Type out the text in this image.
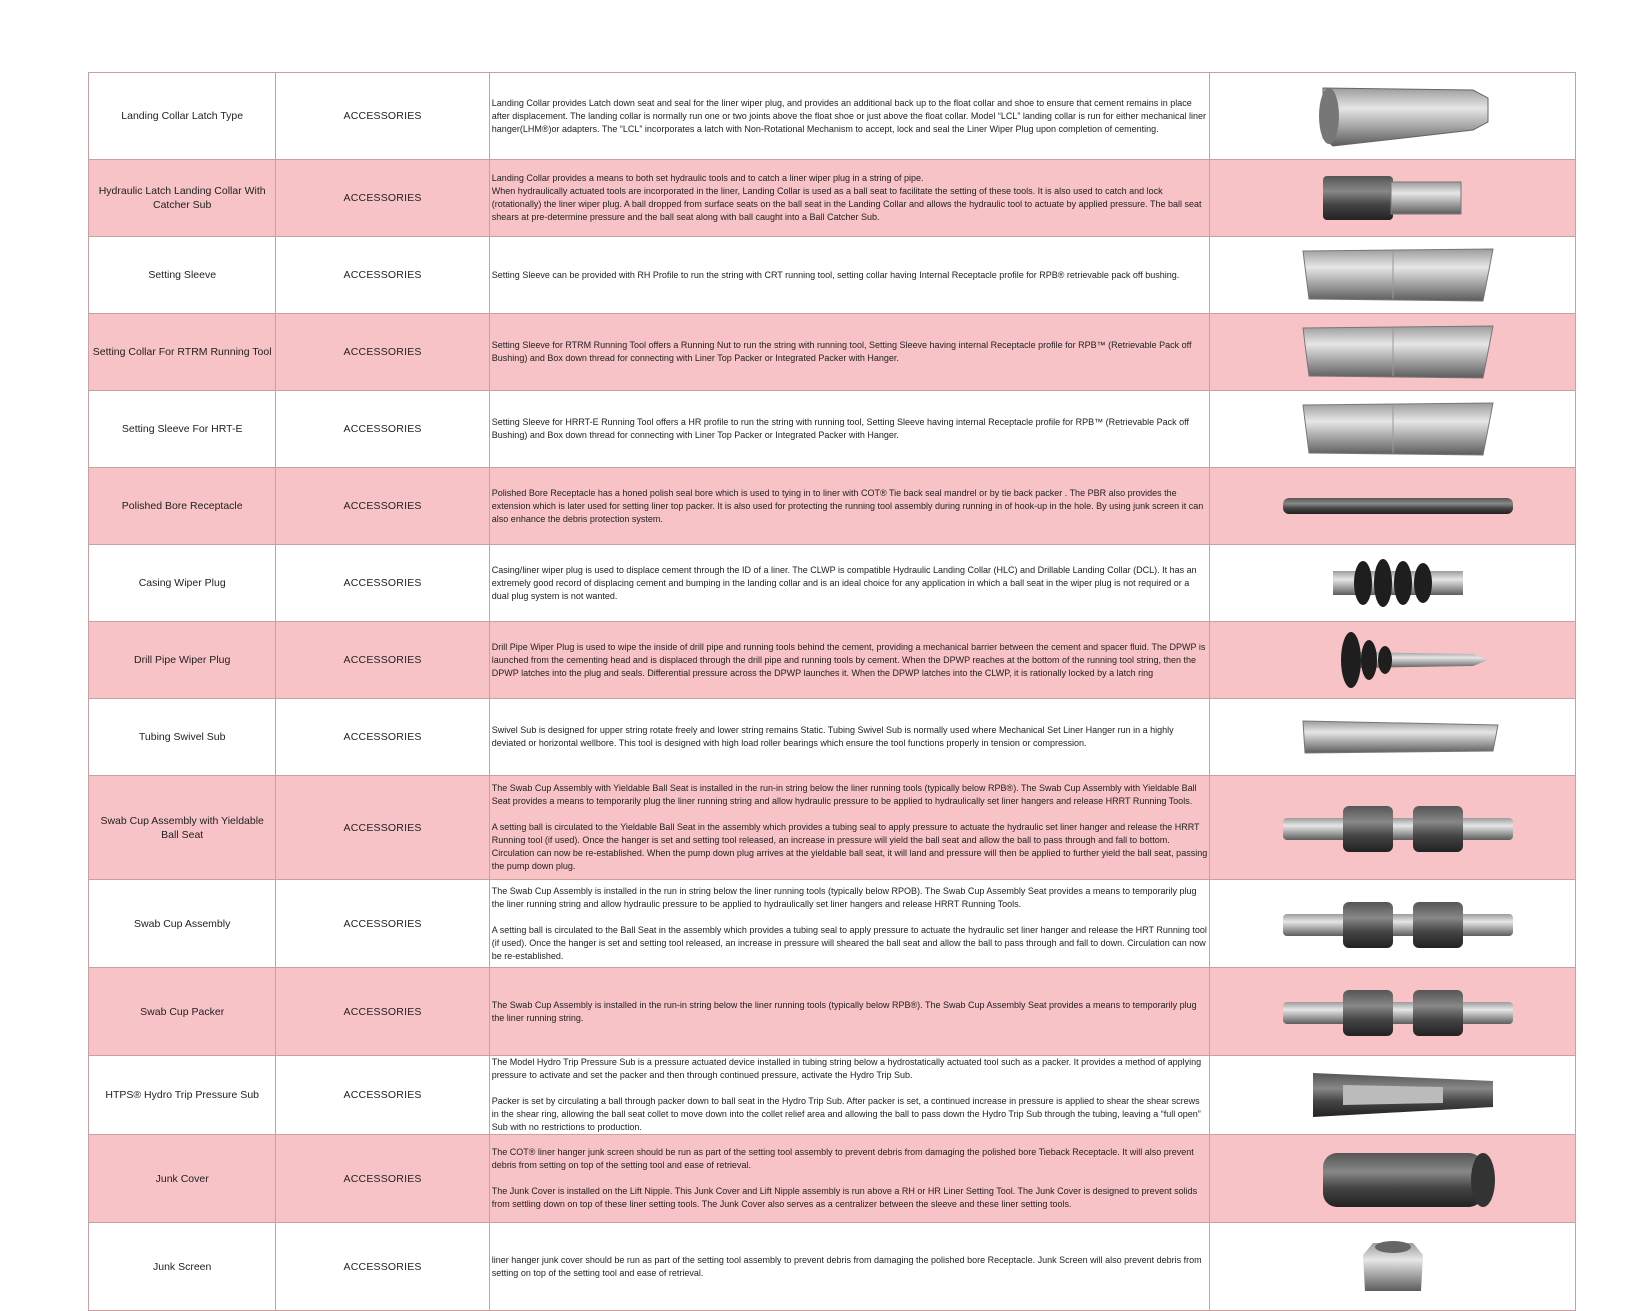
Landing Collar Latch Type	ACCESSORIES	Landing Collar provides Latch down seat and seal for the liner wiper plug, and provides an additional back up to the float collar and shoe to ensure that cement remains in place after displacement. The landing collar is normally run one or two joints above the float shoe or just above the float collar. Model “LCL” landing collar is run for either mechanical liner hanger(LHM®)or adapters. The “LCL” incorporates a latch with Non-Rotational Mechanism to accept, lock and seal the Liner Wiper Plug upon completion of cementing.

Hydraulic Latch Landing Collar With Catcher Sub	ACCESSORIES	Landing Collar provides a means to both set hydraulic tools and to catch a liner wiper plug in a string of pipe.
When hydraulically actuated tools are incorporated in the liner, Landing Collar is used as a ball seat to facilitate the setting of these tools. It is also used to catch and lock (rotationally) the liner wiper plug. A ball dropped from surface seats on the ball seat in the Landing Collar and allows the hydraulic tool to actuate by applied pressure. The ball seat shears at pre-determine pressure and the ball seat along with ball caught into a Ball Catcher Sub.

Setting Sleeve	ACCESSORIES	Setting Sleeve can be provided with RH Profile to run the string with CRT running tool, setting collar having Internal Receptacle profile for RPB® retrievable pack off bushing.

Setting Collar For RTRM Running Tool	ACCESSORIES	Setting Sleeve for RTRM Running Tool offers a Running Nut to run the string with running tool, Setting Sleeve having internal Receptacle profile for RPB™ (Retrievable Pack off Bushing) and Box down thread for connecting with Liner Top Packer or Integrated Packer with Hanger.

Setting Sleeve For HRT-E	ACCESSORIES	Setting Sleeve for HRRT-E Running Tool offers a HR profile to run the string with running tool, Setting Sleeve having internal Receptacle profile for RPB™ (Retrievable Pack off Bushing) and Box down thread for connecting with Liner Top Packer or Integrated Packer with Hanger.

Polished Bore Receptacle	ACCESSORIES	Polished Bore Receptacle has a honed polish seal bore which is used to tying in to liner with COT® Tie back seal mandrel or by tie back packer . The PBR also provides the extension which is later used for setting liner top packer. It is also used for protecting the running tool assembly during running in of hook-up in the hole. By using junk screen it can also enhance the debris protection system.

Casing Wiper Plug	ACCESSORIES	Casing/liner wiper plug is used to displace cement through the ID of a liner. The CLWP is compatible Hydraulic Landing Collar (HLC) and Drillable Landing Collar (DCL). It has an extremely good record of displacing cement and bumping in the landing collar and is an ideal choice for any application in which a ball seat in the wiper plug is not required or a dual plug system is not wanted.

Drill Pipe Wiper Plug	ACCESSORIES	Drill Pipe Wiper Plug is used to wipe the inside of drill pipe and running tools behind the cement, providing a mechanical barrier between the cement and spacer fluid. The DPWP is launched from the cementing head and is displaced through the drill pipe and running tools by cement. When the DPWP reaches at the bottom of the running tool string, then the DPWP latches into the plug and seals. Differential pressure across the DPWP launches it. When the DPWP latches into the CLWP, it is rationally locked by a latch ring

Tubing Swivel Sub	ACCESSORIES	Swivel Sub is designed for upper string rotate freely and lower string remains Static. Tubing Swivel Sub is normally used where Mechanical Set Liner Hanger run in a highly deviated or horizontal wellbore. This tool is designed with high load roller bearings which ensure the tool functions properly in tension or compression.

Swab Cup Assembly with Yieldable Ball Seat	ACCESSORIES	The Swab Cup Assembly with Yieldable Ball Seat is installed in the run-in string below the liner running tools (typically below RPB®). The Swab Cup Assembly with Yieldable Ball Seat provides a means to temporarily plug the liner running string and allow hydraulic pressure to be applied to hydraulically set liner hangers and release HRRT Running Tools.

A setting ball is circulated to the Yieldable Ball Seat in the assembly which provides a tubing seal to apply pressure to actuate the hydraulic set liner hanger and release the HRRT Running tool (if used). Once the hanger is set and setting tool released, an increase in pressure will yield the ball seat and allow the ball to pass through and fall to bottom. Circulation can now be re-established. When the pump down plug arrives at the yieldable ball seat, it will land and pressure will then be applied to further yield the ball seat, passing the pump down plug.

Swab Cup Assembly	ACCESSORIES	The Swab Cup Assembly is installed in the run in string below the liner running tools (typically below RPOB). The Swab Cup Assembly Seat provides a means to temporarily plug the liner running string and allow hydraulic pressure to be applied to hydraulically set liner hangers and release HRRT Running Tools.

A setting ball is circulated to the Ball Seat in the assembly which provides a tubing seal to apply pressure to actuate the hydraulic set liner hanger and release the HRT Running tool (if used). Once the hanger is set and setting tool released, an increase in pressure will sheared the ball seat and allow the ball to pass through and fall to down. Circulation can now be re-established.

Swab Cup Packer	ACCESSORIES	The Swab Cup Assembly is installed in the run-in string below the liner running tools (typically below RPB®). The Swab Cup Assembly Seat provides a means to temporarily plug the liner running string.

HTPS® Hydro Trip Pressure Sub	ACCESSORIES	The Model Hydro Trip Pressure Sub is a pressure actuated device installed in tubing string below a hydrostatically actuated tool such as a packer. It provides a method of applying pressure to activate and set the packer and then through continued pressure, activate the Hydro Trip Sub.

Packer is set by circulating a ball through packer down to ball seat in the Hydro Trip Sub. After packer is set, a continued increase in pressure is applied to shear the shear screws in the shear ring, allowing the ball seat collet to move down into the collet relief area and allowing the ball to pass down the Hydro Trip Sub through the tubing, leaving a “full open” Sub with no restrictions to production.

Junk Cover	ACCESSORIES	The COT® liner hanger junk screen should be run as part of the setting tool assembly to prevent debris from damaging the polished bore Tieback Receptacle. It will also prevent debris from setting on top of the setting tool and ease of retrieval.

The Junk Cover is installed on the Lift Nipple. This Junk Cover and Lift Nipple assembly is run above a RH or HR Liner Setting Tool. The Junk Cover is designed to prevent solids from settling down on top of these liner setting tools. The Junk Cover also serves as a centralizer between the sleeve and these liner setting tools.

Junk Screen	ACCESSORIES	liner hanger junk cover should be run as part of the setting tool assembly to prevent debris from damaging the polished bore Receptacle. Junk Screen will also prevent debris from setting on top of the setting tool and ease of retrieval.
